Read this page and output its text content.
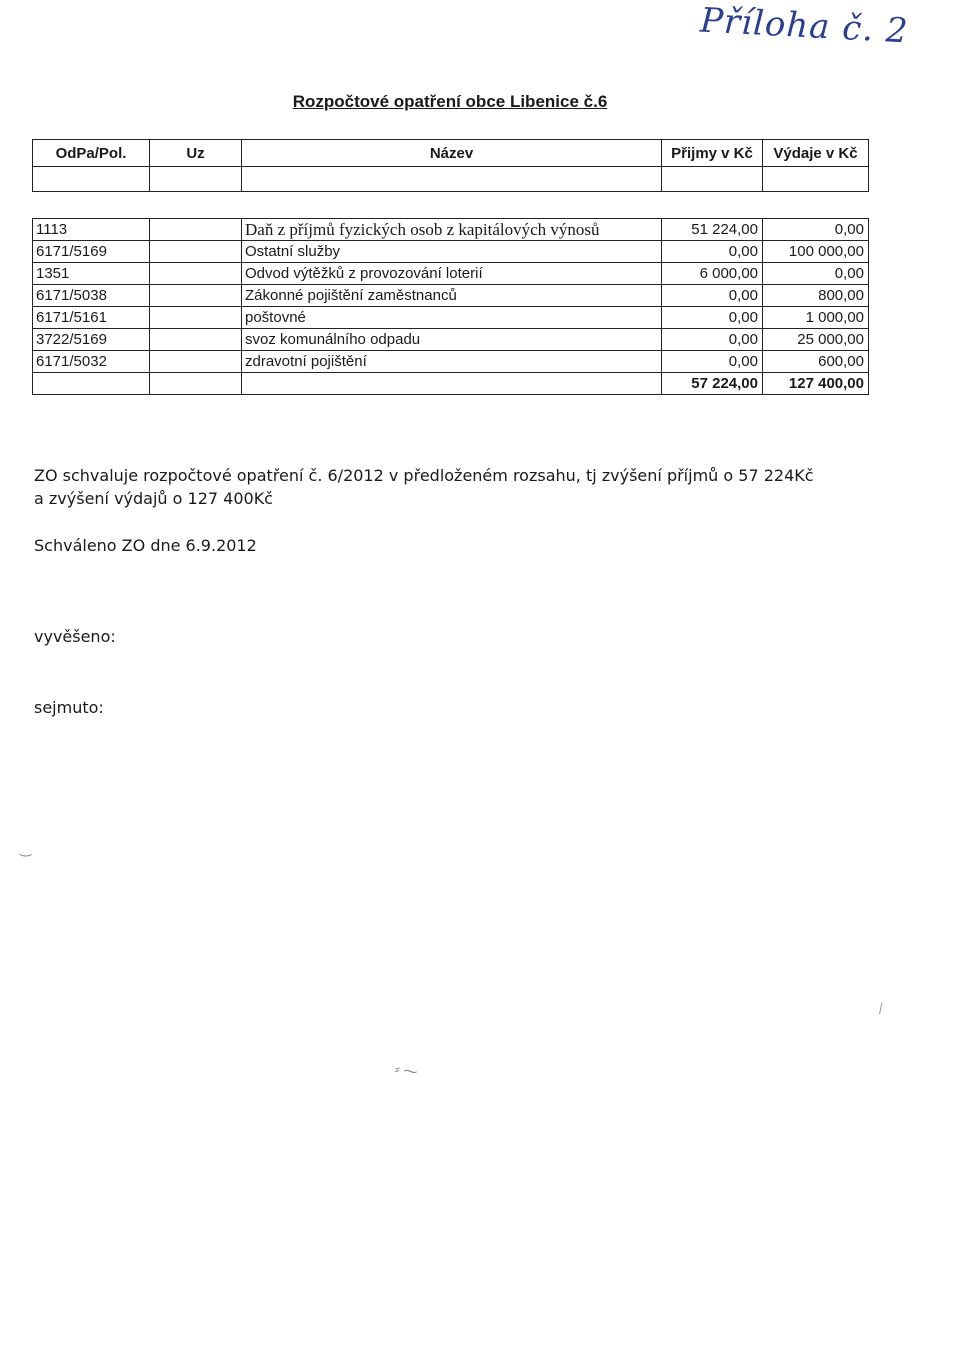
Příloha č. 2
Rozpočtové opatření obce Libenice č.6
OdPa/Pol.	Uz	Název	Přijmy v Kč	Výdaje v Kč

1113		Daň z příjmů fyzických osob z kapitálových výnosů	51 224,00	0,00
6171/5169		Ostatní služby	0,00	100 000,00
1351		Odvod výtěžků z provozování loterií	6 000,00	0,00
6171/5038		Zákonné pojištění zaměstnanců	0,00	800,00
6171/5161		poštovné	0,00	1 000,00
3722/5169		svoz komunálního odpadu	0,00	25 000,00
6171/5032		zdravotní pojištění	0,00	600,00
			57 224,00	127 400,00
ZO schvaluje rozpočtové opatření č. 6/2012 v předloženém rozsahu, tj zvýšení příjmů o 57 224Kč
a zvýšení výdajů o 127 400Kč
Schváleno ZO dne 6.9.2012
vyvěšeno:
sejmuto:
‿
⁄
⸗ ⁓
